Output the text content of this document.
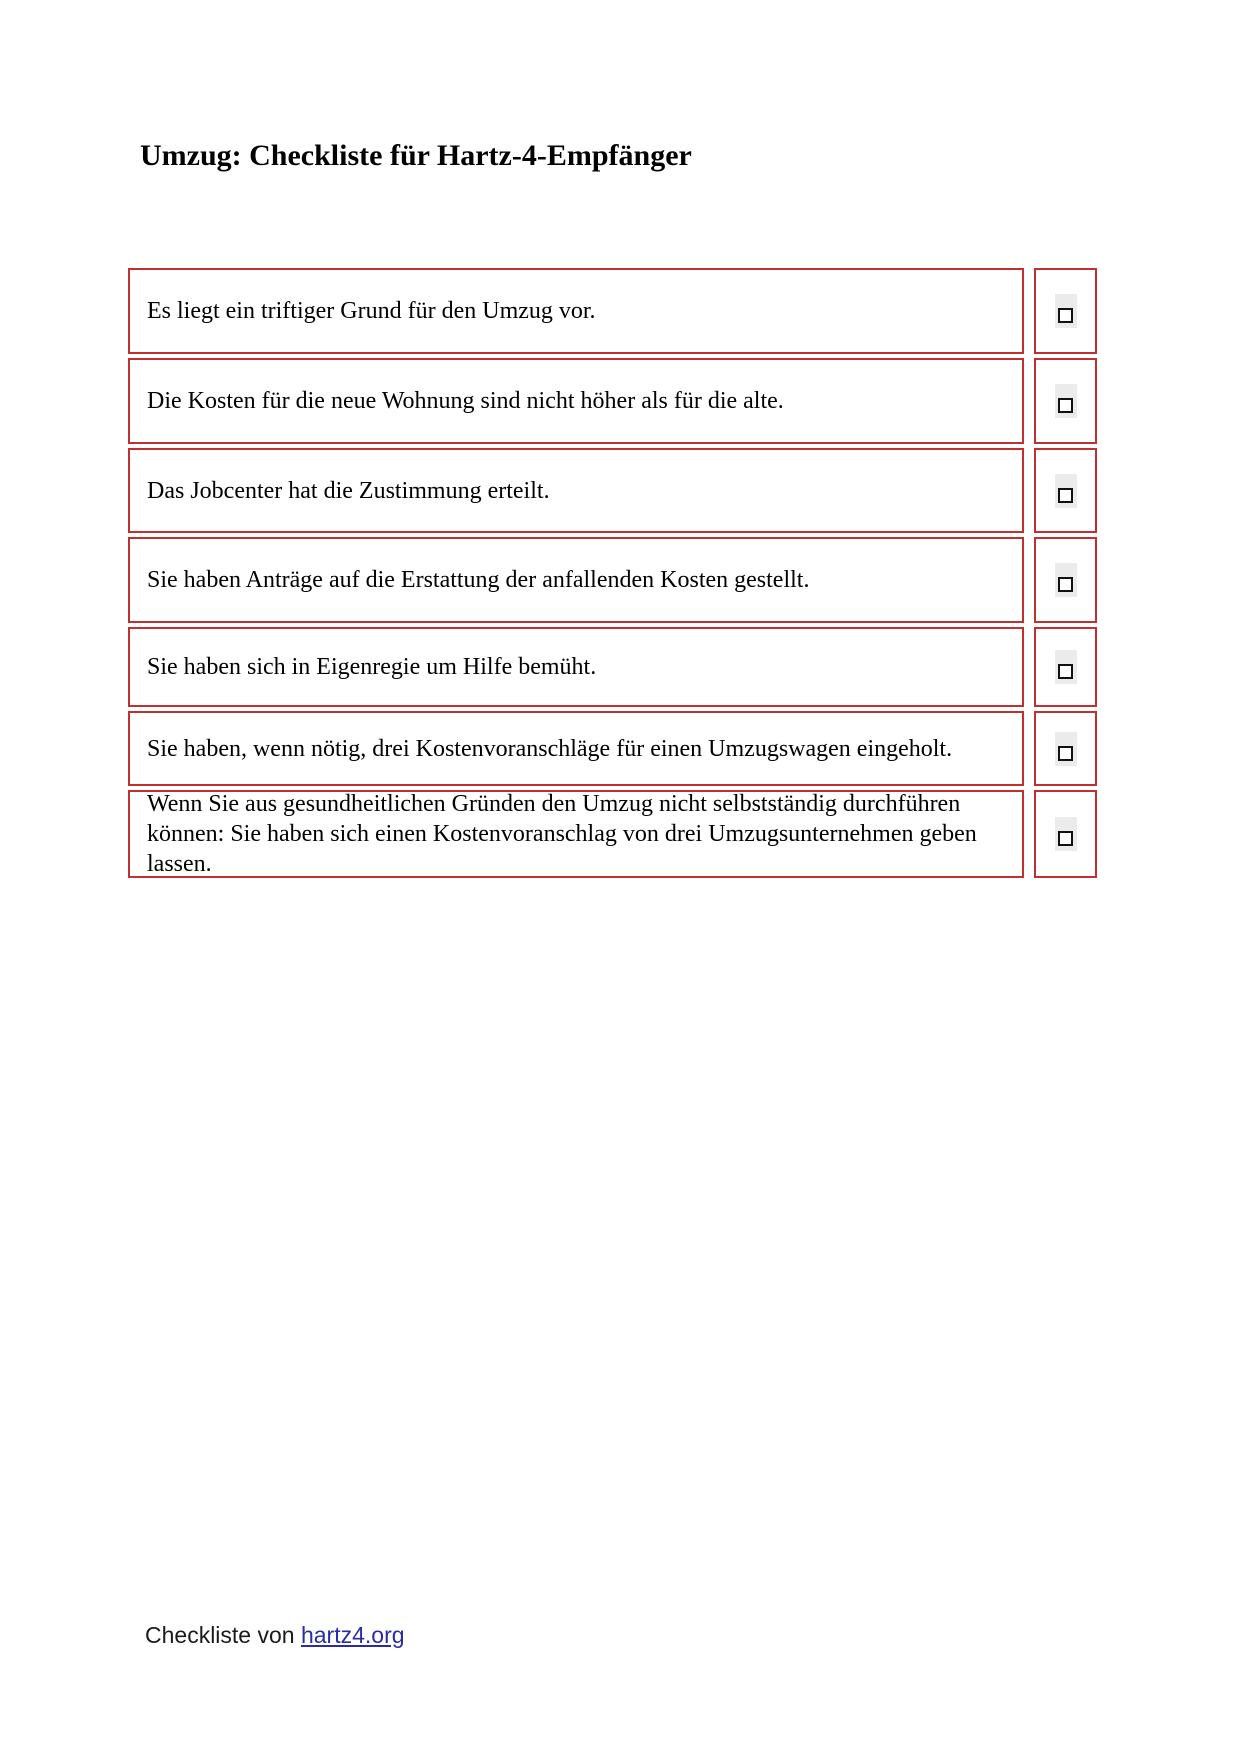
Umzug: Checkliste für Hartz-4-Empfänger
Es liegt ein triftiger Grund für den Umzug vor.
Die Kosten für die neue Wohnung sind nicht höher als für die alte.
Das Jobcenter hat die Zustimmung erteilt.
Sie haben Anträge auf die Erstattung der anfallenden Kosten gestellt.
Sie haben sich in Eigenregie um Hilfe bemüht.
Sie haben, wenn nötig, drei Kostenvoranschläge für einen Umzugswagen eingeholt.
Wenn Sie aus gesundheitlichen Gründen den Umzug nicht selbstständig durchführen können: Sie haben sich einen Kostenvoranschlag von drei Umzugsunternehmen geben lassen.
Checkliste von hartz4.org
